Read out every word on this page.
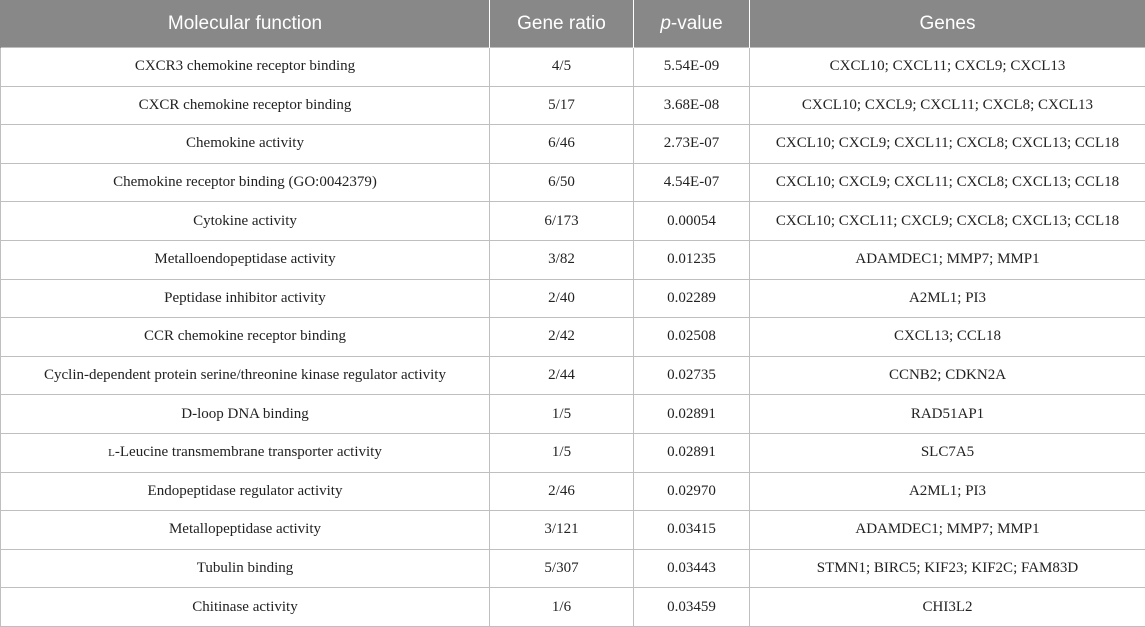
Molecular function	Gene ratio	p-value	Genes
CXCR3 chemokine receptor binding	4/5	5.54E-09	CXCL10; CXCL11; CXCL9; CXCL13
CXCR chemokine receptor binding	5/17	3.68E-08	CXCL10; CXCL9; CXCL11; CXCL8; CXCL13
Chemokine activity	6/46	2.73E-07	CXCL10; CXCL9; CXCL11; CXCL8; CXCL13; CCL18
Chemokine receptor binding (GO:0042379)	6/50	4.54E-07	CXCL10; CXCL9; CXCL11; CXCL8; CXCL13; CCL18
Cytokine activity	6/173	0.00054	CXCL10; CXCL11; CXCL9; CXCL8; CXCL13; CCL18
Metalloendopeptidase activity	3/82	0.01235	ADAMDEC1; MMP7; MMP1
Peptidase inhibitor activity	2/40	0.02289	A2ML1; PI3
CCR chemokine receptor binding	2/42	0.02508	CXCL13; CCL18
Cyclin-dependent protein serine/threonine kinase regulator activity	2/44	0.02735	CCNB2; CDKN2A
D-loop DNA binding	1/5	0.02891	RAD51AP1
l-Leucine transmembrane transporter activity	1/5	0.02891	SLC7A5
Endopeptidase regulator activity	2/46	0.02970	A2ML1; PI3
Metallopeptidase activity	3/121	0.03415	ADAMDEC1; MMP7; MMP1
Tubulin binding	5/307	0.03443	STMN1; BIRC5; KIF23; KIF2C; FAM83D
Chitinase activity	1/6	0.03459	CHI3L2
